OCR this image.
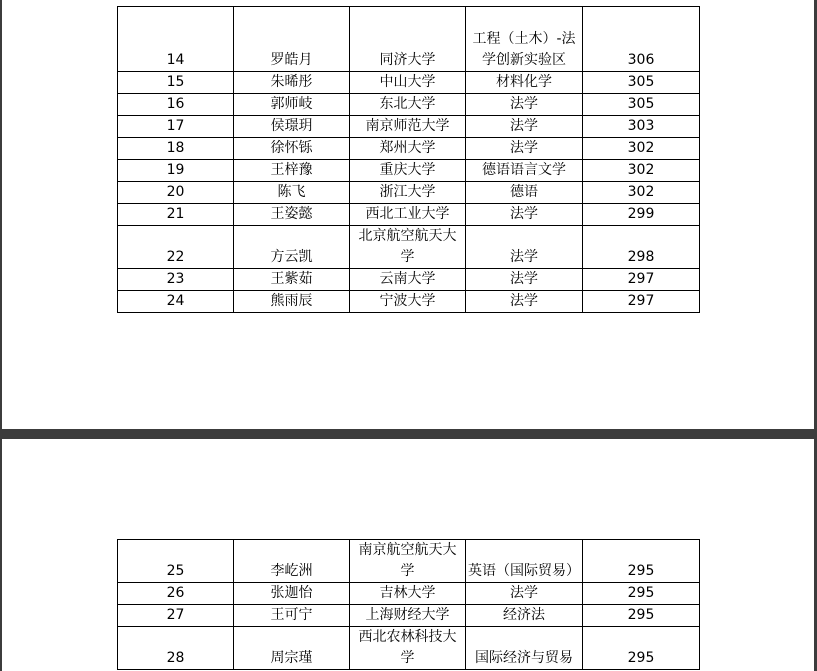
14	罗皓月	同济大学	工程（土木）-法学创新实验区	306
15	朱晞彤	中山大学	材料化学	305
16	郭师岐	东北大学	法学	305
17	侯璟玥	南京师范大学	法学	303
18	徐怀铄	郑州大学	法学	302
19	王梓豫	重庆大学	德语语言文学	302
20	陈飞	浙江大学	德语	302
21	王姿懿	西北工业大学	法学	299
22	方云凯	北京航空航天大学	法学	298
23	王紫茹	云南大学	法学	297
24	熊雨辰	宁波大学	法学	297
25	李屹洲	南京航空航天大学	英语（国际贸易）	295
26	张迦怡	吉林大学	法学	295
27	王可宁	上海财经大学	经济法	295
28	周宗瑾	西北农林科技大学	国际经济与贸易	295
